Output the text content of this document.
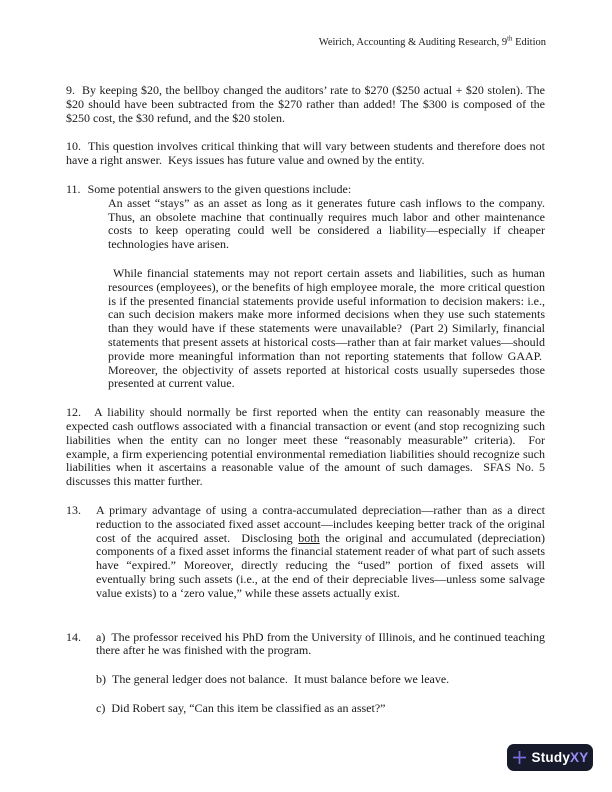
Weirich, Accounting & Auditing Research, 9th Edition

9. By keeping $20, the bellboy changed the auditors’ rate to $270 ($250 actual + $20 stolen). The $20 should have been subtracted from the $270 rather than added! The $300 is composed of the $250 cost, the $30 refund, and the $20 stolen.

10. This question involves critical thinking that will vary between students and therefore does not have a right answer.  Keys issues has future value and owned by the entity.

11. Some potential answers to the given questions include:

An asset “stays” as an asset as long as it generates future cash inflows to the company. Thus, an obsolete machine that continually requires much labor and other maintenance costs to keep operating could well be considered a liability—especially if cheaper technologies have arisen.

While financial statements may not report certain assets and liabilities, such as human resources (employees), or the benefits of high employee morale, the  more critical question is if the presented financial statements provide useful information to decision makers: i.e., can such decision makers make more informed decisions when they use such statements than they would have if these statements were unavailable?  (Part 2) Similarly, financial statements that present assets at historical costs—rather than at fair market values—should provide more meaningful information than not reporting statements that follow GAAP.  Moreover, the objectivity of assets reported at historical costs usually supersedes those presented at current value.

12. A liability should normally be first reported when the entity can reasonably measure the expected cash outflows associated with a financial transaction or event (and stop recognizing such liabilities when the entity can no longer meet these “reasonably measurable” criteria).  For example, a firm experiencing potential environmental remediation liabilities should recognize such liabilities when it ascertains a reasonable value of the amount of such damages.  SFAS No. 5 discusses this matter further.

13. A primary advantage of using a contra-accumulated depreciation—rather than as a direct reduction to the associated fixed asset account—includes keeping better track of the original cost of the acquired asset.  Disclosing both the original and accumulated (depreciation) components of a fixed asset informs the financial statement reader of what part of such assets have “expired.” Moreover, directly reducing the “used” portion of fixed assets will eventually bring such assets (i.e., at the end of their depreciable lives—unless some salvage value exists) to a ‘zero value,” while these assets actually exist.

14. a) The professor received his PhD from the University of Illinois, and he continued teaching there after he was finished with the program.

b) The general ledger does not balance.  It must balance before we leave.

c) Did Robert say, “Can this item be classified as an asset?”

StudyXY
